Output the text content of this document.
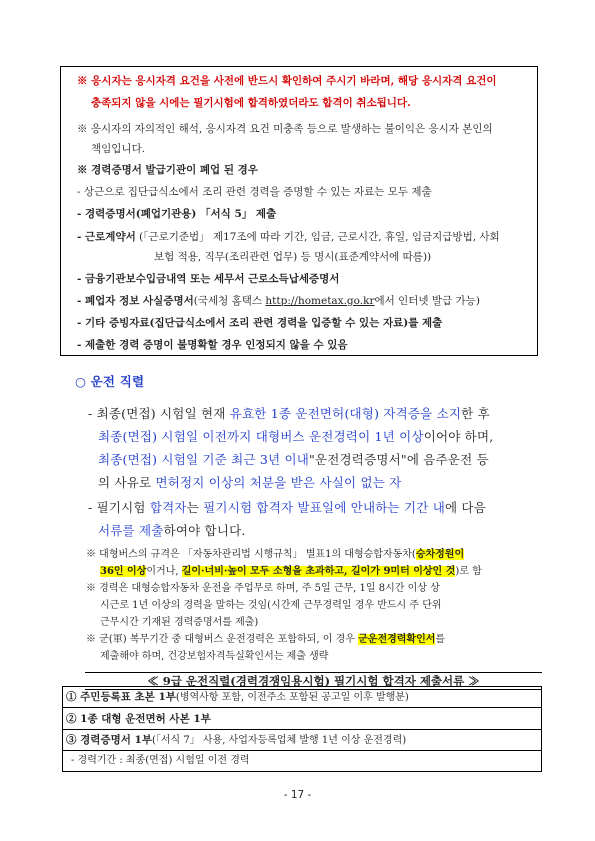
※ 응시자는 응시자격 요건을 사전에 반드시 확인하여 주시기 바라며, 해당 응시자격 요건이
충족되지 않을 시에는 필기시험에 합격하였더라도 합격이 취소됩니다.
※ 응시자의 자의적인 해석, 응시자격 요건 미충족 등으로 발생하는 불이익은 응시자 본인의
책임입니다.
※ 경력증명서 발급기관이 폐업 된 경우
- 상근으로 집단급식소에서 조리 관련 경력을 증명할 수 있는 자료는 모두 제출
- 경력증명서(폐업기관용) 「서식 5」 제출
- 근로계약서 (「근로기준법」 제17조에 따라 기간, 임금, 근로시간, 휴일, 임금지급방법, 사회
보험 적용, 직무(조리관련 업무) 등 명시(표준계약서에 따름))
- 금융기관보수입금내역 또는 세무서 근로소득납세증명서
- 폐업자 정보 사실증명서(국세청 홈택스 http://hometax.go.kr에서 인터넷 발급 가능)
- 기타 증빙자료(집단급식소에서 조리 관련 경력을 입증할 수 있는 자료)를 제출
- 제출한 경력 증명이 불명확할 경우 인정되지 않을 수 있음
○ 운전 직렬
- 최종(면접) 시험일 현재 유효한 1종 운전면허(대형) 자격증을 소지한 후
최종(면접) 시험일 이전까지 대형버스 운전경력이 1년 이상이어야 하며,
최종(면접) 시험일 기준 최근 3년 이내"운전경력증명서"에 음주운전 등
의 사유로 면허정지 이상의 처분을 받은 사실이 없는 자
- 필기시험 합격자는 필기시험 합격자 발표일에 안내하는 기간 내에 다음
서류를 제출하여야 합니다.
※ 대형버스의 규격은 「자동차관리법 시행규칙」 별표1의 대형승합자동차(승차정원이
36인 이상이거나, 길이·너비·높이 모두 소형을 초과하고, 길이가 9미터 이상인 것)로 함
※ 경력은 대형승합자동차 운전을 주업무로 하며, 주 5일 근무, 1일 8시간 이상 상
시근로 1년 이상의 경력을 말하는 것임(시간제 근무경력일 경우 반드시 주 단위
근무시간 기재된 경력증명서를 제출)
※ 군(軍) 복무기간 중 대형버스 운전경력은 포함하되, 이 경우 군운전경력확인서를
제출해야 하며, 건강보험자격득실확인서는 제출 생략
≪ 9급 운전직렬(경력경쟁임용시험) 필기시험 합격자 제출서류 ≫
① 주민등록표 초본 1부(병역사항 포함, 이전주소 포함된 공고일 이후 발행분)
② 1종 대형 운전면허 사본 1부
③ 경력증명서 1부(「서식 7」 사용, 사업자등록업체 발행 1년 이상 운전경력)
- 경력기간 : 최종(면접) 시험일 이전 경력
- 17 -
